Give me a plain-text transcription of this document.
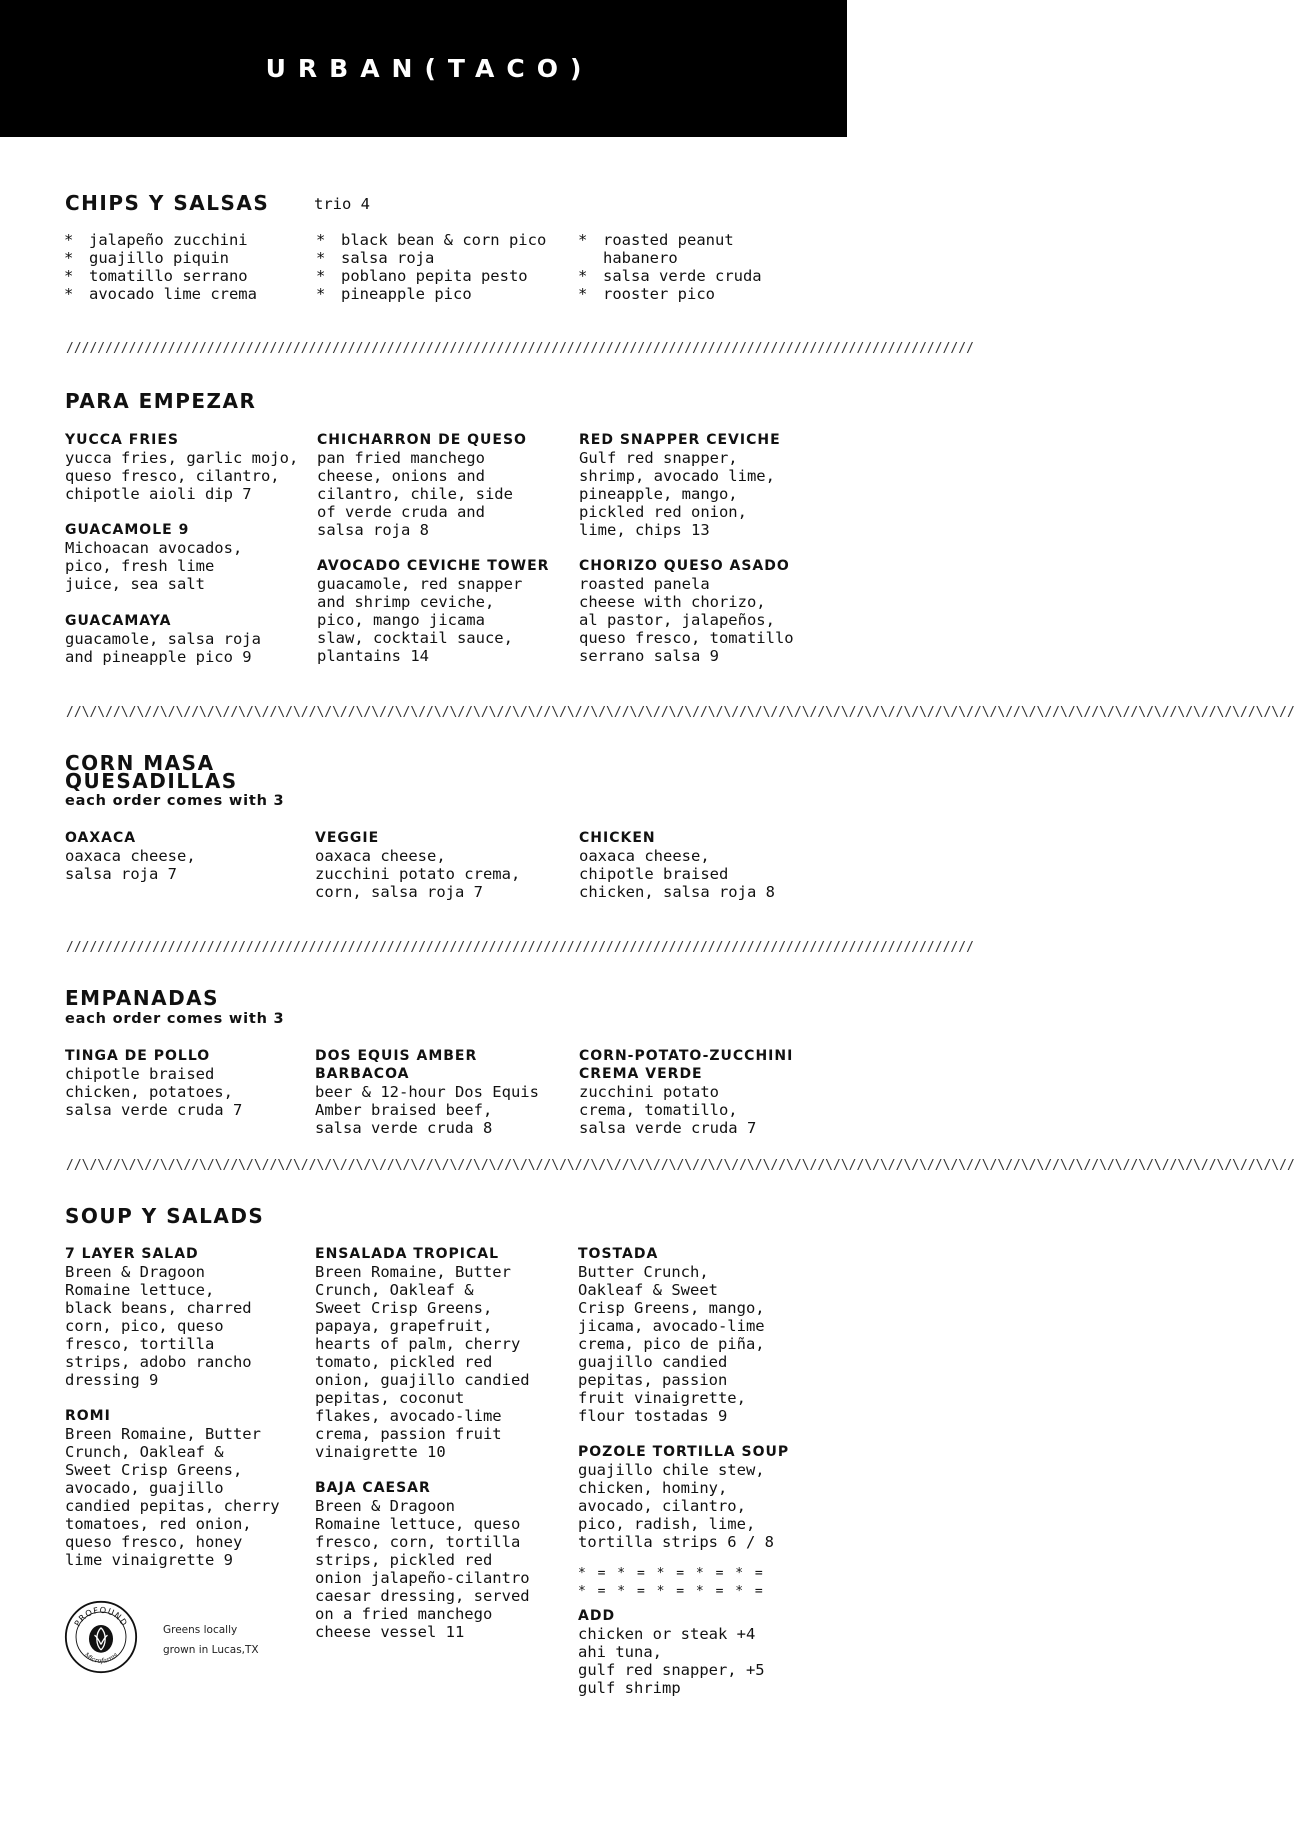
URBAN(TACO)
CHIPS Y SALSAS	trio 4
*	jalapeño zucchini
*	guajillo piquin
*	tomatillo serrano
*	avocado lime crema
*	black bean & corn pico
*	salsa roja
*	poblano pepita pesto
*	pineapple pico
*	roasted peanut
habanero
*	salsa verde cruda
*	rooster pico
////////////////////////////////////////////////////////////////////////////////////////////////////////////////////
PARA EMPEZAR
YUCCA FRIES
yucca fries, garlic mojo,
queso fresco, cilantro,
chipotle aioli dip 7
GUACAMOLE 9
Michoacan avocados,
pico, fresh lime
juice, sea salt
GUACAMAYA
guacamole, salsa roja
and pineapple pico 9
CHICHARRON DE QUESO
pan fried manchego
cheese, onions and
cilantro, chile, side
of verde cruda and
salsa roja 8
AVOCADO CEVICHE TOWER
guacamole, red snapper
and shrimp ceviche,
pico, mango jicama
slaw, cocktail sauce,
plantains 14
RED SNAPPER CEVICHE
Gulf red snapper,
shrimp, avocado lime,
pineapple, mango,
pickled red onion,
lime, chips 13
CHORIZO QUESO ASADO
roasted panela
cheese with chorizo,
al pastor, jalapeños,
queso fresco, tomatillo
serrano salsa 9
//\/\//\/\//\/\//\/\//\/\//\/\//\/\//\/\//\/\//\/\//\/\//\/\//\/\//\/\//\/\//\/\//\/\//\/\//\/\//\/\//\/\//\/\//\/\//\/\//\/\//\/\//\/\//\/\//\/\//\/\//\/\//
CORN MASA
QUESADILLAS
each order comes with 3
OAXACA
oaxaca cheese,
salsa roja 7
VEGGIE
oaxaca cheese,
zucchini potato crema,
corn, salsa roja 7
CHICKEN
oaxaca cheese,
chipotle braised
chicken, salsa roja 8
////////////////////////////////////////////////////////////////////////////////////////////////////////////////////
EMPANADAS
each order comes with 3
TINGA DE POLLO
chipotle braised
chicken, potatoes,
salsa verde cruda 7
DOS EQUIS AMBER
BARBACOA
beer & 12-hour Dos Equis
Amber braised beef,
salsa verde cruda 8
CORN-POTATO-ZUCCHINI
CREMA VERDE
zucchini potato
crema, tomatillo,
salsa verde cruda 7
//\/\//\/\//\/\//\/\//\/\//\/\//\/\//\/\//\/\//\/\//\/\//\/\//\/\//\/\//\/\//\/\//\/\//\/\//\/\//\/\//\/\//\/\//\/\//\/\//\/\//\/\//\/\//\/\//\/\//\/\//\/\//
SOUP Y SALADS
7 LAYER SALAD
Breen & Dragoon
Romaine lettuce,
black beans, charred
corn, pico, queso
fresco, tortilla
strips, adobo rancho
dressing 9
ROMI
Breen Romaine, Butter
Crunch, Oakleaf &
Sweet Crisp Greens,
avocado, guajillo
candied pepitas, cherry
tomatoes, red onion,
queso fresco, honey
lime vinaigrette 9
ENSALADA TROPICAL
Breen Romaine, Butter
Crunch, Oakleaf &
Sweet Crisp Greens,
papaya, grapefruit,
hearts of palm, cherry
tomato, pickled red
onion, guajillo candied
pepitas, coconut
flakes, avocado-lime
crema, passion fruit
vinaigrette 10
BAJA CAESAR
Breen & Dragoon
Romaine lettuce, queso
fresco, corn, tortilla
strips, pickled red
onion jalapeño-cilantro
caesar dressing, served
on a fried manchego
cheese vessel 11
TOSTADA
Butter Crunch,
Oakleaf & Sweet
Crisp Greens, mango,
jicama, avocado-lime
crema, pico de piña,
guajillo candied
pepitas, passion
fruit vinaigrette,
flour tostadas 9
POZOLE TORTILLA SOUP
guajillo chile stew,
chicken, hominy,
avocado, cilantro,
pico, radish, lime,
tortilla strips 6 / 8
* = * = * = * = * =
* = * = * = * = * =
ADD
chicken or steak +4
ahi tuna,
gulf red snapper, +5
gulf shrimp
PROFOUND
Microfarms
Greens locally
grown in Lucas,TX
